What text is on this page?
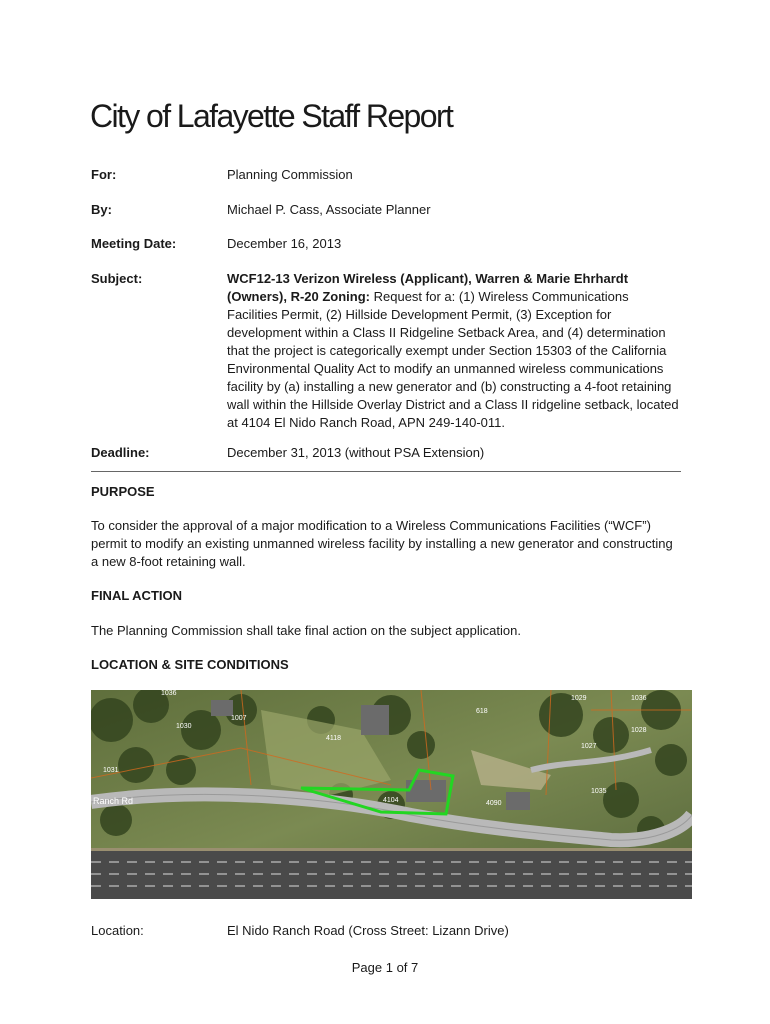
City of Lafayette Staff Report
For:	Planning Commission
By:	Michael P. Cass, Associate Planner
Meeting Date:	December 16, 2013
Subject:	WCF12-13 Verizon Wireless (Applicant), Warren & Marie Ehrhardt (Owners), R-20 Zoning: Request for a: (1) Wireless Communications Facilities Permit, (2) Hillside Development Permit, (3) Exception for development within a Class II Ridgeline Setback Area, and (4) determination that the project is categorically exempt under Section 15303 of the California Environmental Quality Act to modify an unmanned wireless communications facility by (a) installing a new generator and (b) constructing a 4-foot retaining wall within the Hillside Overlay District and a Class II ridgeline setback, located at 4104 El Nido Ranch Road, APN 249-140-011.
Deadline:	December 31, 2013 (without PSA Extension)
PURPOSE
To consider the approval of a major modification to a Wireless Communications Facilities (“WCF”) permit to modify an existing unmanned wireless facility by installing a new generator and constructing a new 8-foot retaining wall.
FINAL ACTION
The Planning Commission shall take final action on the subject application.
LOCATION & SITE CONDITIONS
Ranch Rd
1036
1030
4118
1007
1031
618
1029	1036
4104	4090
1027
1028
1035
Location:	El Nido Ranch Road (Cross Street: Lizann Drive)
Page 1 of 7
